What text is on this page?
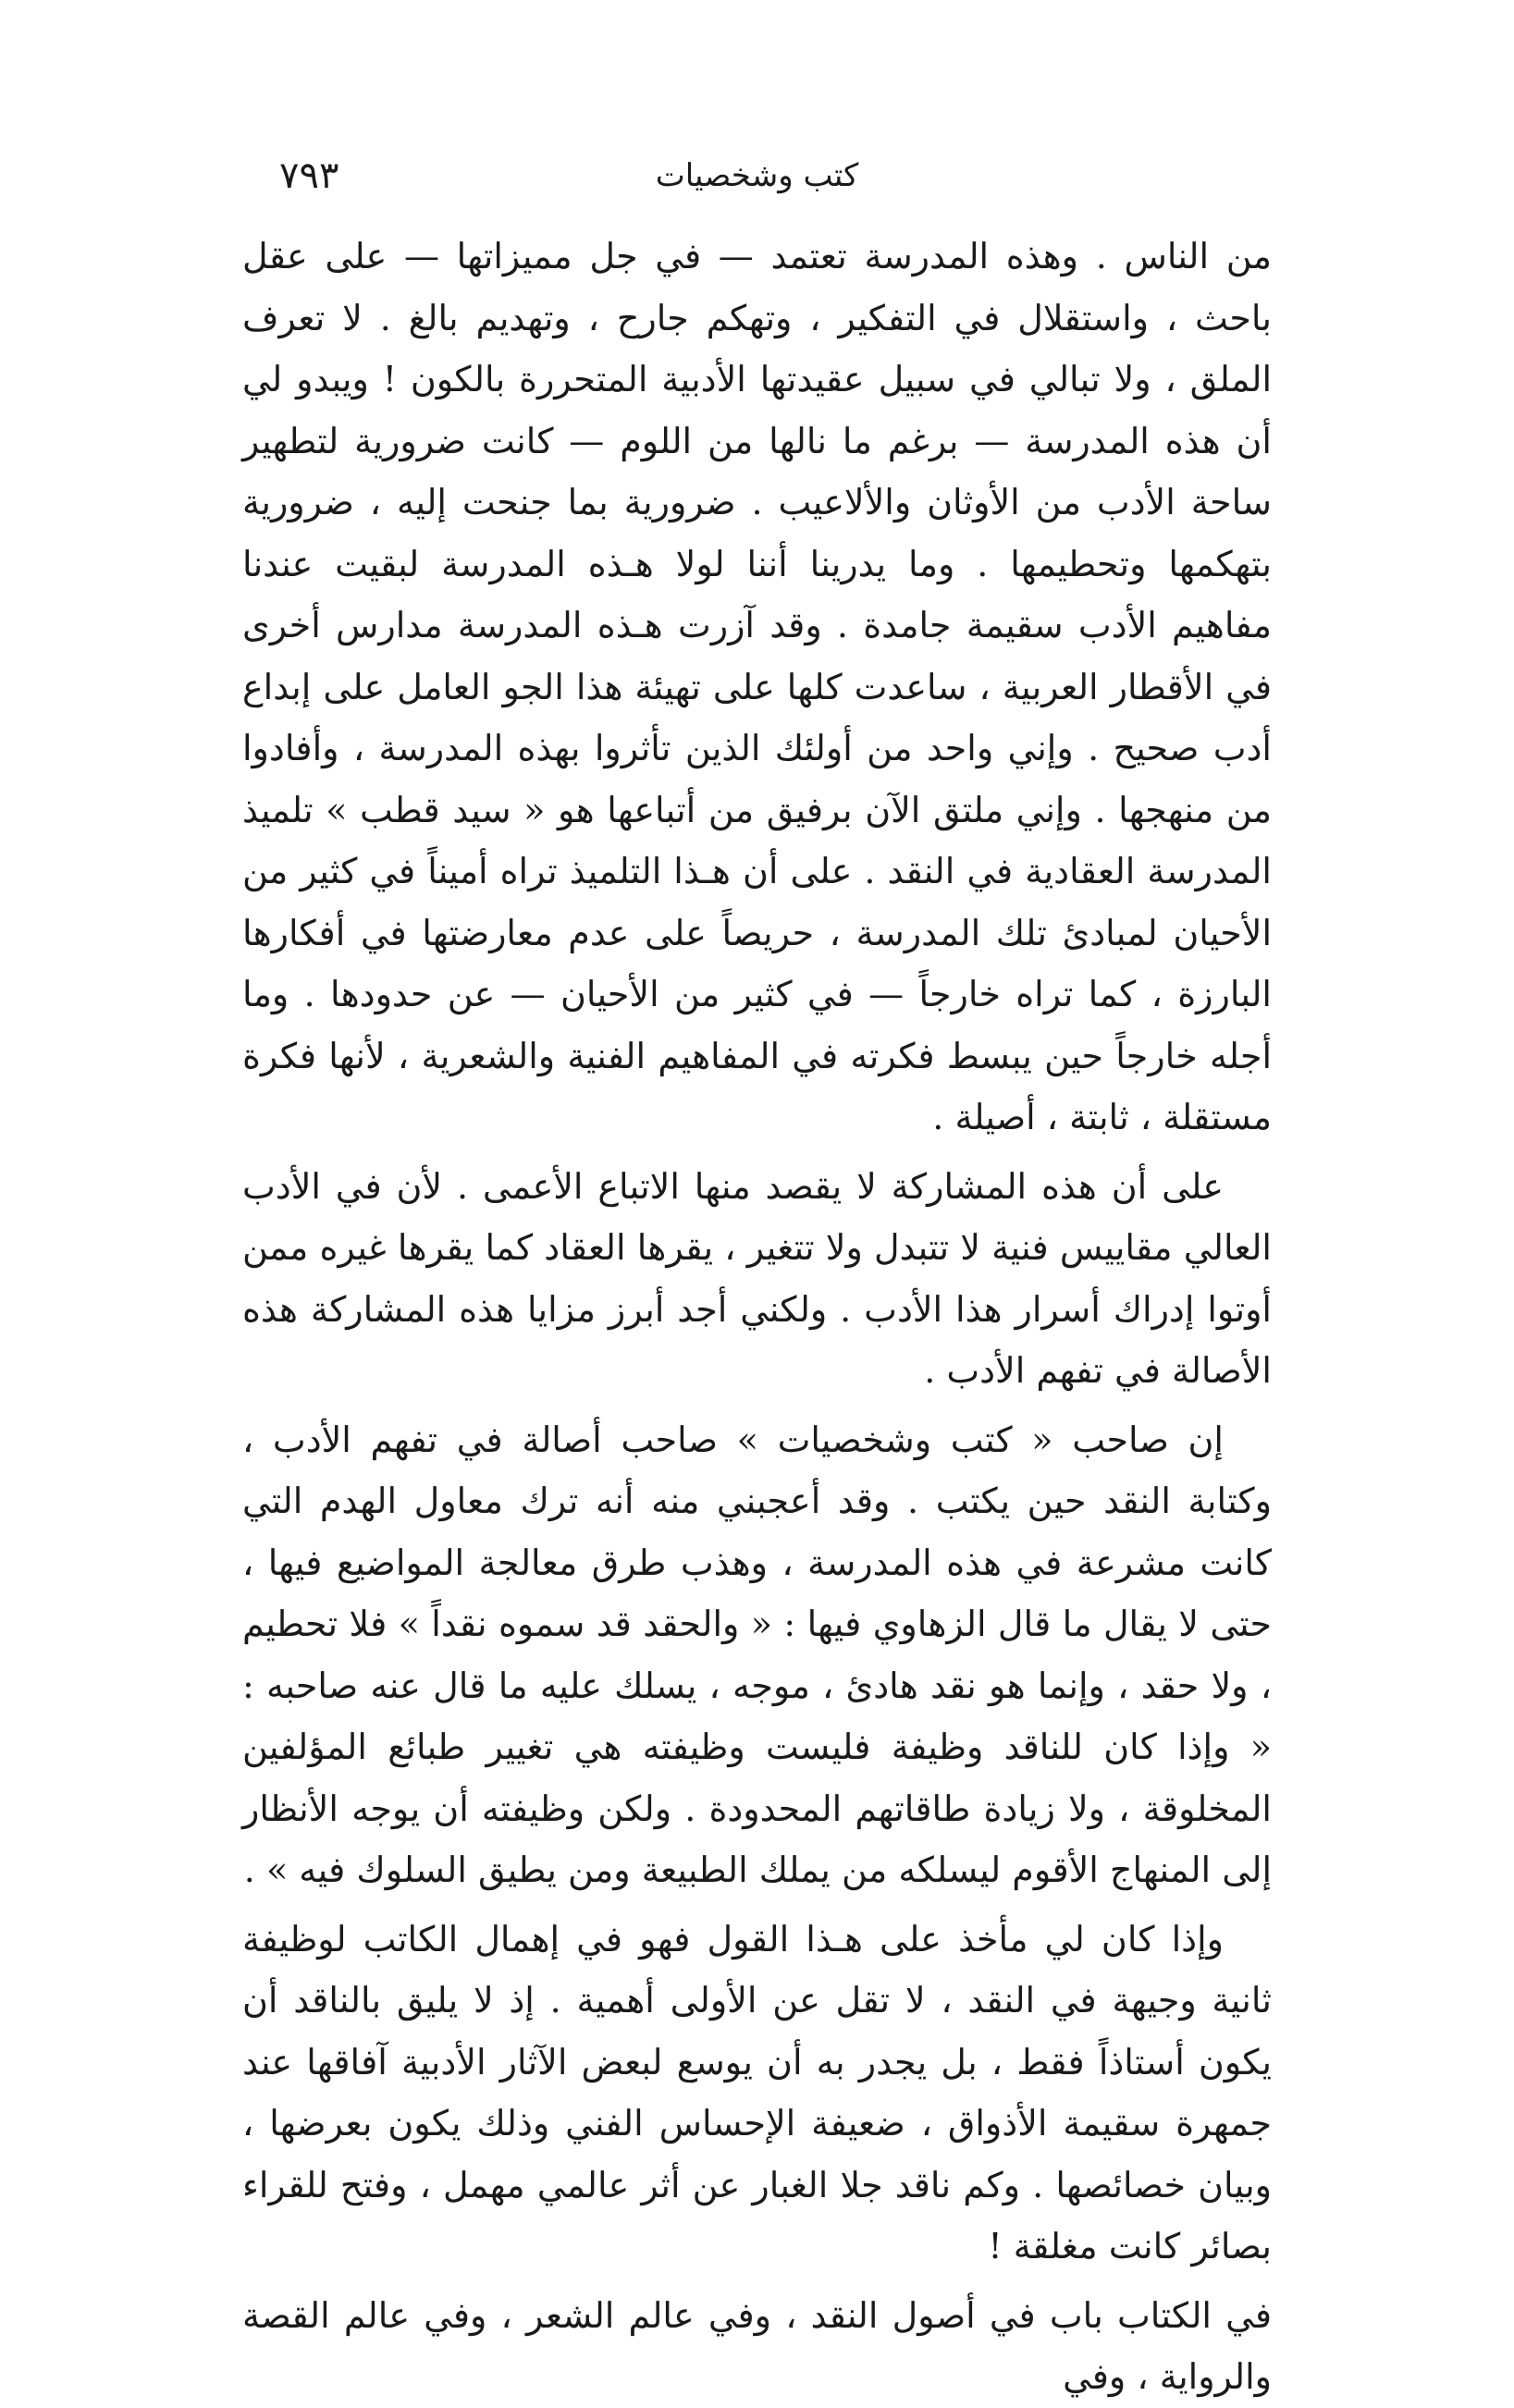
كتب وشخصيات
٧٩٣

من الناس . وهذه المدرسة تعتمد — في جل مميزاتها — على عقل باحث ، واستقلال في التفكير ، وتهكم جارح ، وتهديم بالغ . لا تعرف الملق ، ولا تبالي في سبيل عقيدتها الأدبية المتحررة بالكون ! ويبدو لي أن هذه المدرسة — برغم ما نالها من اللوم — كانت ضرورية لتطهير ساحة الأدب من الأوثان والألاعيب . ضرورية بما جنحت إليه ، ضرورية بتهكمها وتحطيمها . وما يدرينا أننا لولا هـذه المدرسة لبقيت عندنا مفاهيم الأدب سقيمة جامدة . وقد آزرت هـذه المدرسة مدارس أخرى في الأقطار العربية ، ساعدت كلها على تهيئة هذا الجو العامل على إبداع أدب صحيح . وإني واحد من أولئك الذين تأثروا بهذه المدرسة ، وأفادوا من منهجها . وإني ملتق الآن برفيق من أتباعها هو « سيد قطب » تلميذ المدرسة العقادية في النقد . على أن هـذا التلميذ تراه أميناً في كثير من الأحيان لمبادئ تلك المدرسة ، حريصاً على عدم معارضتها في أفكارها البارزة ، كما تراه خارجاً — في كثير من الأحيان — عن حدودها . وما أجله خارجاً حين يبسط فكرته في المفاهيم الفنية والشعرية ، لأنها فكرة مستقلة ، ثابتة ، أصيلة .

على أن هذه المشاركة لا يقصد منها الاتباع الأعمى . لأن في الأدب العالي مقاييس فنية لا تتبدل ولا تتغير ، يقرها العقاد كما يقرها غيره ممن أوتوا إدراك أسرار هذا الأدب . ولكني أجد أبرز مزايا هذه المشاركة هذه الأصالة في تفهم الأدب .

إن صاحب « كتب وشخصيات » صاحب أصالة في تفهم الأدب ، وكتابة النقد حين يكتب . وقد أعجبني منه أنه ترك معاول الهدم التي كانت مشرعة في هذه المدرسة ، وهذب طرق معالجة المواضيع فيها ، حتى لا يقال ما قال الزهاوي فيها : « والحقد قد سموه نقداً » فلا تحطيم ، ولا حقد ، وإنما هو نقد هادئ ، موجه ، يسلك عليه ما قال عنه صاحبه : « وإذا كان للناقد وظيفة فليست وظيفته هي تغيير طبائع المؤلفين المخلوقة ، ولا زيادة طاقاتهم المحدودة . ولكن وظيفته أن يوجه الأنظار إلى المنهاج الأقوم ليسلكه من يملك الطبيعة ومن يطيق السلوك فيه » .

وإذا كان لي مأخذ على هـذا القول فهو في إهمال الكاتب لوظيفة ثانية وجيهة في النقد ، لا تقل عن الأولى أهمية . إذ لا يليق بالناقد أن يكون أستاذاً فقط ، بل يجدر به أن يوسع لبعض الآثار الأدبية آفاقها عند جمهرة سقيمة الأذواق ، ضعيفة الإحساس الفني وذلك يكون بعرضها ، وبيان خصائصها . وكم ناقد جلا الغبار عن أثر عالمي مهمل ، وفتح للقراء بصائر كانت مغلقة !

في الكتاب باب في أصول النقد ، وفي عالم الشعر ، وفي عالم القصة والرواية ، وفي
